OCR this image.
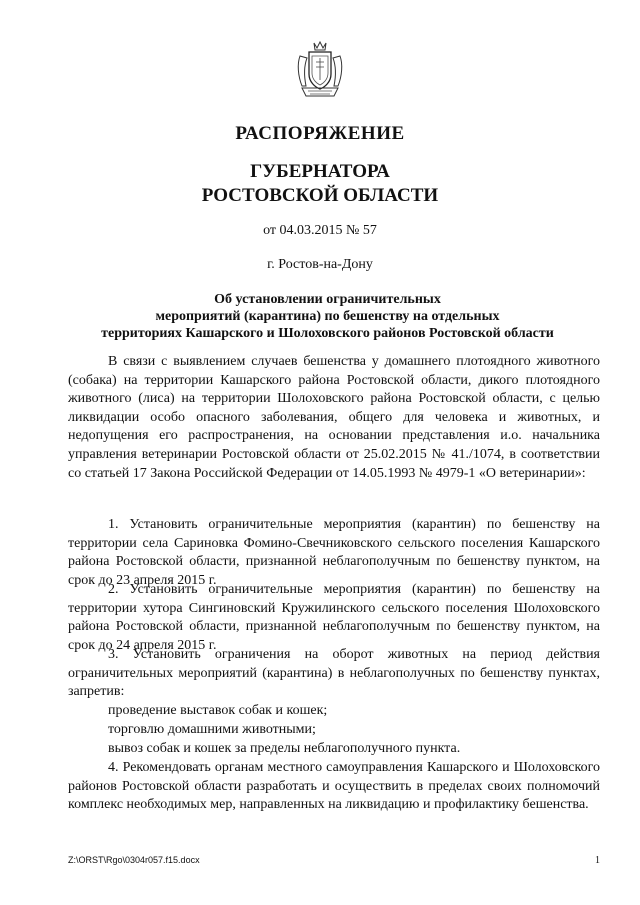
РАСПОРЯЖЕНИЕ
ГУБЕРНАТОРА
РОСТОВСКОЙ ОБЛАСТИ
от 04.03.2015 № 57
г. Ростов-на-Дону
Об установлении ограничительных
мероприятий (карантина) по бешенству на отдельных
территориях Кашарского и Шолоховского районов Ростовской области
В связи с выявлением случаев бешенства у домашнего плотоядного животного (собака) на территории Кашарского района Ростовской области, дикого плотоядного животного (лиса) на территории Шолоховского района Ростовской области, с целью ликвидации особо опасного заболевания, общего для человека и животных, и недопущения его распространения, на основании представления и.о. начальника управления ветеринарии Ростовской области от 25.02.2015 № 41./1074, в соответствии со статьей 17 Закона Российской Федерации от 14.05.1993 № 4979-1 «О ветеринарии»:
1. Установить ограничительные мероприятия (карантин) по бешенству на территории села Сариновка Фомино-Свечниковского сельского поселения Кашарского района Ростовской области, признанной неблагополучным по бешенству пунктом, на срок до 23 апреля 2015 г.
2. Установить ограничительные мероприятия (карантин) по бешенству на территории хутора Сингиновский Кружилинского сельского поселения Шолоховского района Ростовской области, признанной неблагополучным по бешенству пунктом, на срок до 24 апреля 2015 г.
3. Установить ограничения на оборот животных на период действия ограничительных мероприятий (карантина) в неблагополучных по бешенству пунктах, запретив:
проведение выставок собак и кошек;
торговлю домашними животными;
вывоз собак и кошек за пределы неблагополучного пункта.
4. Рекомендовать органам местного самоуправления Кашарского и Шолоховского районов Ростовской области разработать и осуществить в пределах своих полномочий комплекс необходимых мер, направленных на ликвидацию и профилактику бешенства.
Z:\ORST\Rgo\0304r057.f15.docx	1
